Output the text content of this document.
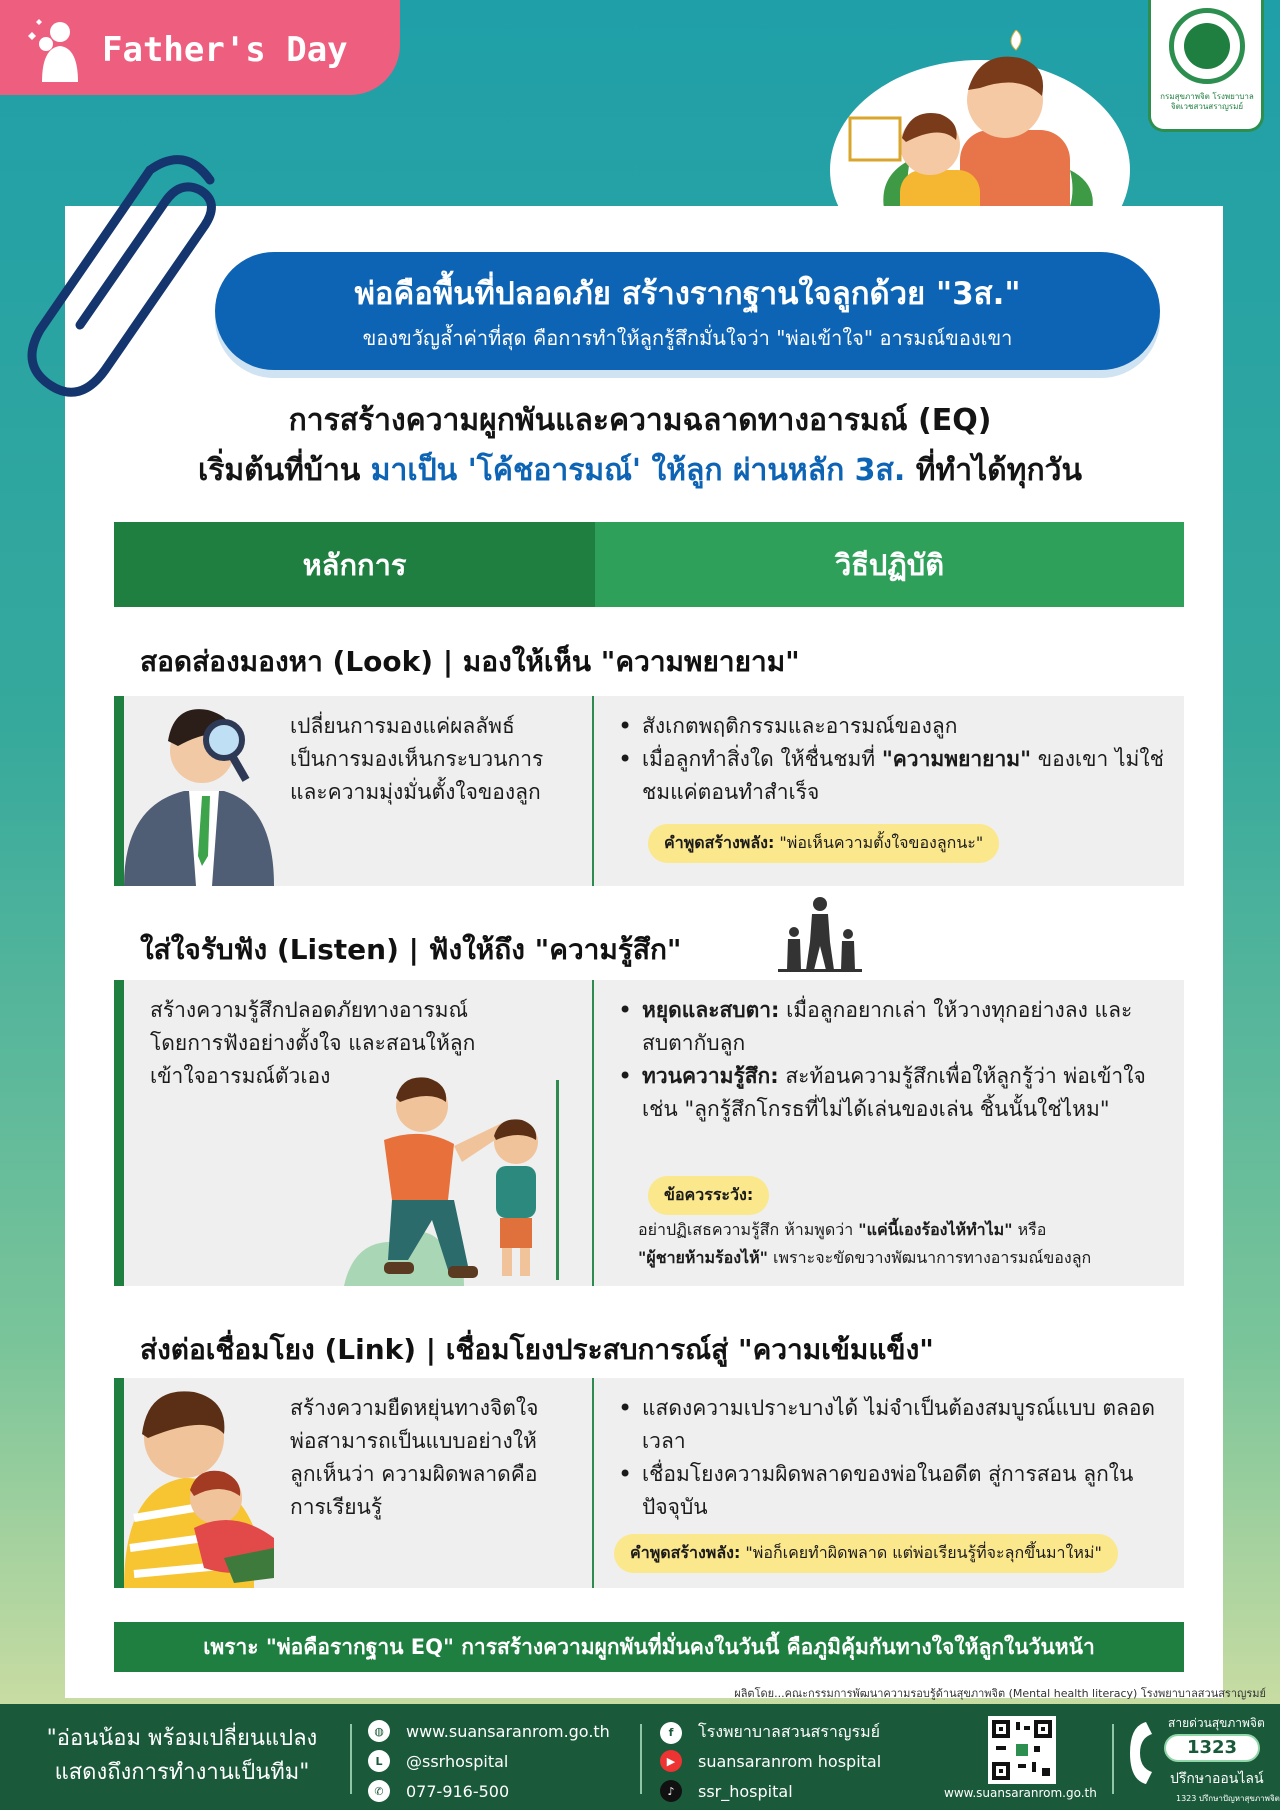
Father's Day
กรมสุขภาพจิต โรงพยาบาลจิตเวชสวนสราญรมย์
พ่อคือพื้นที่ปลอดภัย สร้างรากฐานใจลูกด้วย "3ส."
ของขวัญล้ำค่าที่สุด คือการทำให้ลูกรู้สึกมั่นใจว่า "พ่อเข้าใจ" อารมณ์ของเขา
การสร้างความผูกพันและความฉลาดทางอารมณ์ (EQ)
เริ่มต้นที่บ้าน มาเป็น 'โค้ชอารมณ์' ให้ลูก ผ่านหลัก 3ส. ที่ทำได้ทุกวัน
หลักการ	วิธีปฏิบัติ
สอดส่องมองหา (Look) | มองให้เห็น "ความพยายาม"
เปลี่ยนการมองแค่ผลลัพธ์
เป็นการมองเห็นกระบวนการ
และความมุ่งมั่นตั้งใจของลูก
• สังเกตพฤติกรรมและอารมณ์ของลูก
• เมื่อลูกทำสิ่งใด ให้ชื่นชมที่ "ความพยายาม" ของเขา ไม่ใช่ชมแค่ตอนทำสำเร็จ
คำพูดสร้างพลัง: "พ่อเห็นความตั้งใจของลูกนะ"
ใส่ใจรับฟัง (Listen) | ฟังให้ถึง "ความรู้สึก"
สร้างความรู้สึกปลอดภัยทางอารมณ์
โดยการฟังอย่างตั้งใจ และสอนให้ลูก
เข้าใจอารมณ์ตัวเอง
• หยุดและสบตา: เมื่อลูกอยากเล่า ให้วางทุกอย่างลง และสบตากับลูก
• ทวนความรู้สึก: สะท้อนความรู้สึกเพื่อให้ลูกรู้ว่า พ่อเข้าใจ เช่น "ลูกรู้สึกโกรธที่ไม่ได้เล่นของเล่น ชิ้นนั้นใช่ไหม"
ข้อควรระวัง:
อย่าปฏิเสธความรู้สึก ห้ามพูดว่า "แค่นี้เองร้องไห้ทำไม" หรือ
"ผู้ชายห้ามร้องไห้" เพราะจะขัดขวางพัฒนาการทางอารมณ์ของลูก
ส่งต่อเชื่อมโยง (Link) | เชื่อมโยงประสบการณ์สู่ "ความเข้มแข็ง"
สร้างความยืดหยุ่นทางจิตใจ
พ่อสามารถเป็นแบบอย่างให้
ลูกเห็นว่า ความผิดพลาดคือ
การเรียนรู้
• แสดงความเปราะบางได้ ไม่จำเป็นต้องสมบูรณ์แบบ ตลอดเวลา
• เชื่อมโยงความผิดพลาดของพ่อในอดีต สู่การสอน ลูกในปัจจุบัน
คำพูดสร้างพลัง: "พ่อก็เคยทำผิดพลาด แต่พ่อเรียนรู้ที่จะลุกขึ้นมาใหม่"
เพราะ "พ่อคือรากฐาน EQ" การสร้างความผูกพันที่มั่นคงในวันนี้ คือภูมิคุ้มกันทางใจให้ลูกในวันหน้า
ผลิตโดย...คณะกรรมการพัฒนาความรอบรู้ด้านสุขภาพจิต (Mental health literacy) โรงพยาบาลสวนสราญรมย์
"อ่อนน้อม พร้อมเปลี่ยนแปลง
แสดงถึงการทำงานเป็นทีม"
◍	www.suansaranrom.go.th
L	@ssrhospital
✆	077-916-500
f	โรงพยาบาลสวนสราญรมย์
▶	suansaranrom hospital
♪	ssr_hospital	www.suansaranrom.go.th
สายด่วนสุขภาพจิต
1323
ปรึกษาออนไลน์
1323 ปรึกษาปัญหาสุขภาพจิต
